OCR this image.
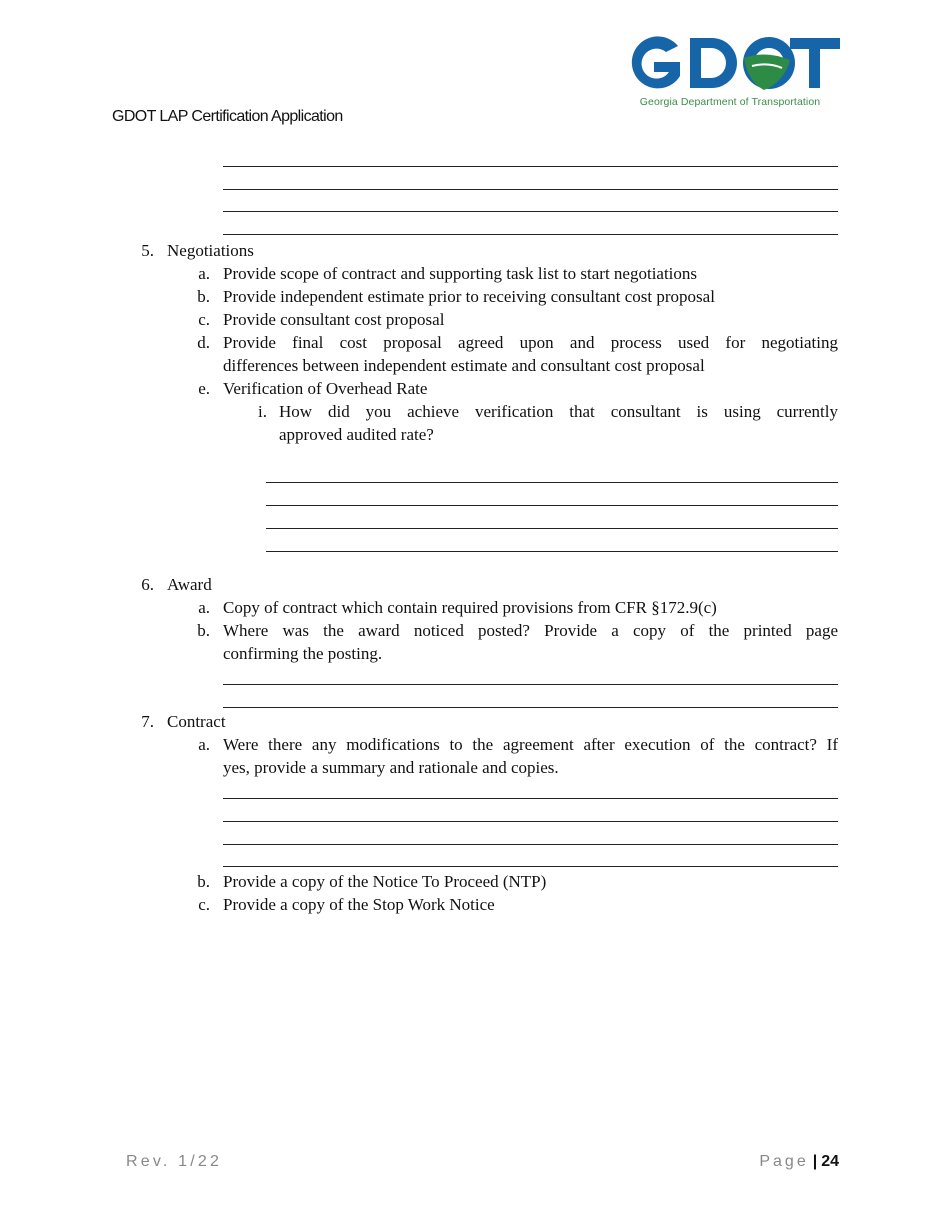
Georgia Department of Transportation
GDOT LAP Certification Application
5. Negotiations
a. Provide scope of contract and supporting task list to start negotiations
b. Provide independent estimate prior to receiving consultant cost proposal
c. Provide consultant cost proposal
d. Provide final cost proposal agreed upon and process used for negotiating
differences between independent estimate and consultant cost proposal
e. Verification of Overhead Rate
i. How did you achieve verification that consultant is using currently
approved audited rate?
6. Award
a. Copy of contract which contain required provisions from CFR §172.9(c)
b. Where was the award noticed posted? Provide a copy of the printed page
confirming the posting.
7. Contract
a. Were there any modifications to the agreement after execution of the contract? If
yes, provide a summary and rationale and copies.
b. Provide a copy of the Notice To Proceed (NTP)
c. Provide a copy of the Stop Work Notice
Rev. 1/22	Page | 24
